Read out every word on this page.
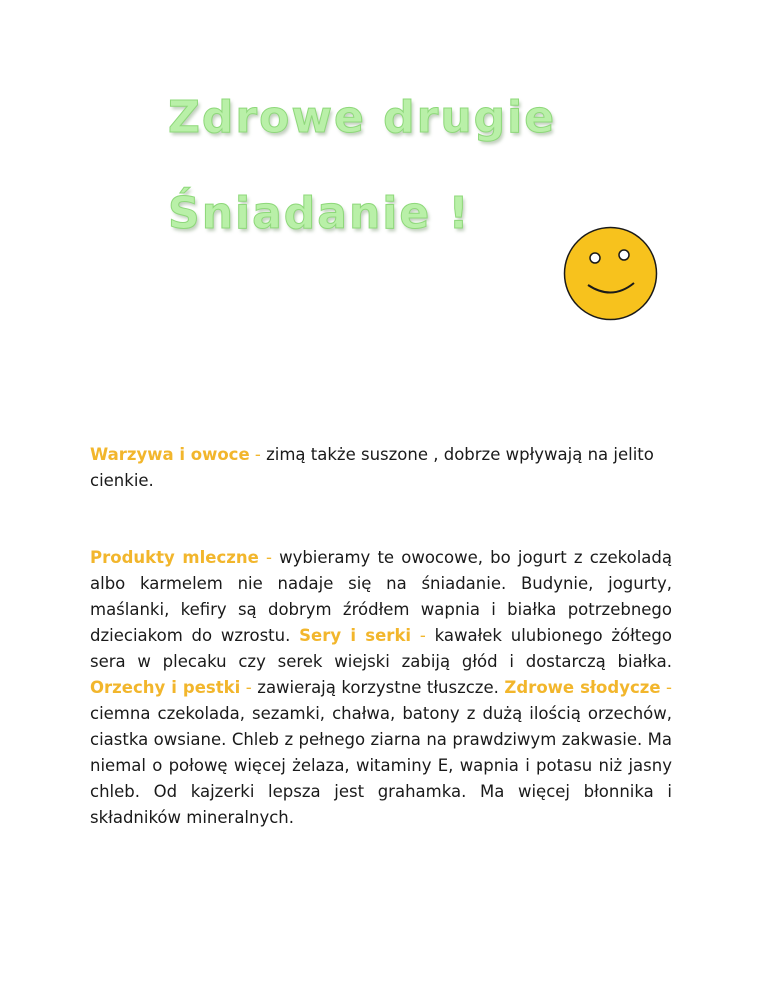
Zdrowe drugie
Śniadanie !

Warzywa i owoce - zimą także suszone , dobrze wpływają na jelito cienkie.

Produkty mleczne - wybieramy te owocowe, bo jogurt z czekoladą albo karmelem nie nadaje się na śniadanie. Budynie, jogurty, maślanki, kefiry są dobrym źródłem wapnia i białka potrzebnego dzieciakom do wzrostu. Sery i serki - kawałek ulubionego żółtego sera w plecaku czy serek wiejski zabiją głód i dostarczą białka. Orzechy i pestki - zawierają korzystne tłuszcze. Zdrowe słodycze - ciemna czekolada, sezamki, chałwa, batony z dużą ilością orzechów, ciastka owsiane. Chleb z pełnego ziarna na prawdziwym zakwasie. Ma niemal o połowę więcej żelaza, witaminy E, wapnia i potasu niż jasny chleb. Od kajzerki lepsza jest grahamka. Ma więcej błonnika i składników mineralnych.
